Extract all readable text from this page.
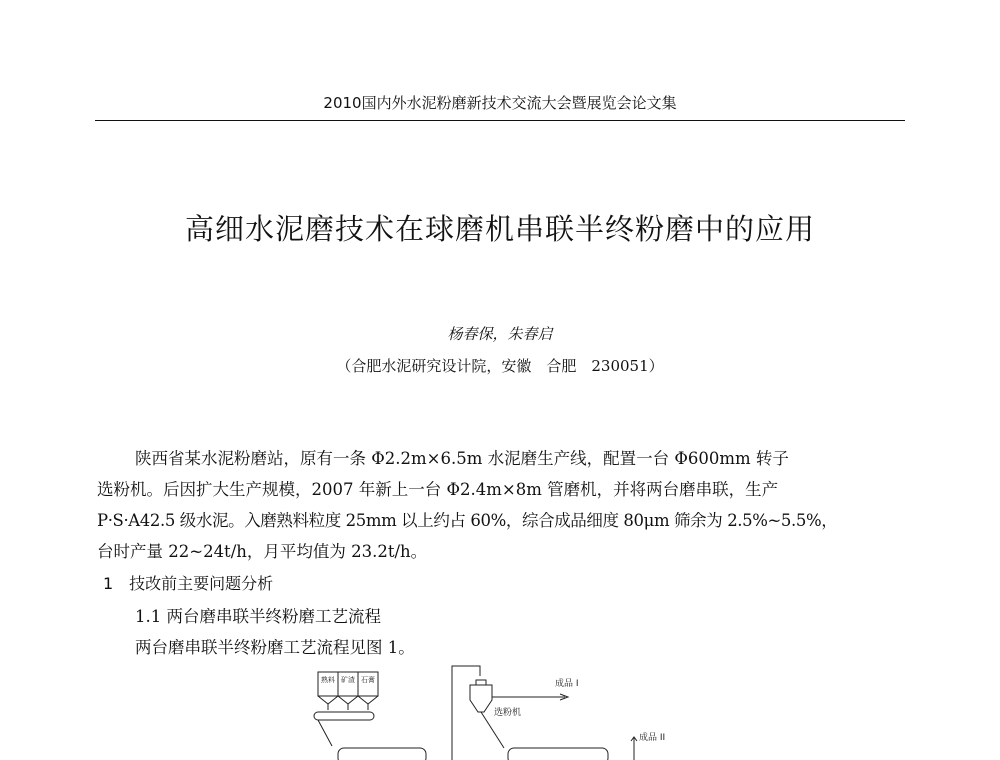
2010国内外水泥粉磨新技术交流大会暨展览会论文集
高细水泥磨技术在球磨机串联半终粉磨中的应用
杨春保，朱春启
（合肥水泥研究设计院，安徽　合肥　230051）
陕西省某水泥粉磨站，原有一条 Φ2.2m×6.5m 水泥磨生产线，配置一台 Φ600mm 转子
选粉机。后因扩大生产规模，2007 年新上一台 Φ2.4m×8m 管磨机，并将两台磨串联，生产
P·S·A42.5 级水泥。入磨熟料粒度 25mm 以上约占 60%，综合成品细度 80μm 筛余为 2.5%~5.5%，
台时产量 22~24t/h，月平均值为 23.2t/h。
1　技改前主要问题分析
1.1 两台磨串联半终粉磨工艺流程
两台磨串联半终粉磨工艺流程见图 1。
熟料 矿渣 石膏	成品 I
选粉机
成品 II
